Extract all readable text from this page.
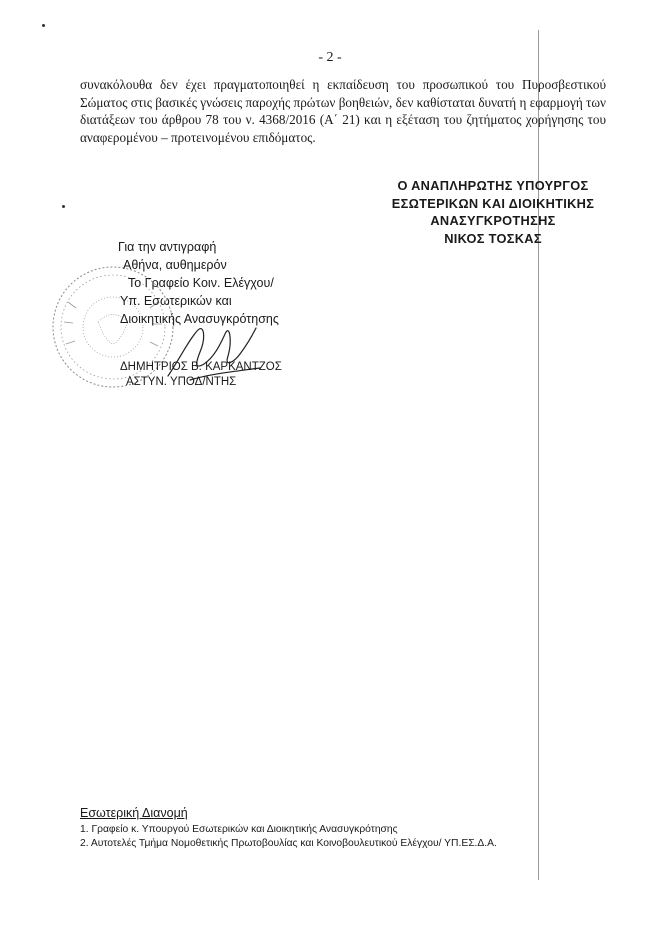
- 2 -

συνακόλουθα δεν έχει πραγματοποιηθεί η εκπαίδευση του προσωπικού του Πυροσβεστικού Σώματος στις βασικές γνώσεις παροχής πρώτων βοηθειών, δεν καθίσταται δυνατή η εφαρμογή των διατάξεων του άρθρου 78 του ν. 4368/2016 (Α΄ 21) και η εξέταση του ζητήματος χορήγησης του αναφερομένου – προτεινομένου επιδόματος.

Ο ΑΝΑΠΛΗΡΩΤΗΣ ΥΠΟΥΡΓΟΣ
ΕΣΩΤΕΡΙΚΩΝ ΚΑΙ ΔΙΟΙΚΗΤΙΚΗΣ
ΑΝΑΣΥΓΚΡΟΤΗΣΗΣ
ΝΙΚΟΣ ΤΟΣΚΑΣ
Για την αντιγραφή
Αθήνα, αυθημερόν
Το Γραφείο Κοιν. Ελέγχου/
Υπ. Εσωτερικών και
Διοικητικής Ανασυγκρότησης
ΔΗΜΗΤΡΙΟΣ Β. ΚΑΡΚΑΝΤΖΟΣ
ΑΣΤΥΝ. ΥΠΟΔ/ΝΤΗΣ
Εσωτερική Διανομή
1. Γραφείο κ. Υπουργού Εσωτερικών και Διοικητικής Ανασυγκρότησης
2. Αυτοτελές Τμήμα Νομοθετικής Πρωτοβουλίας και Κοινοβουλευτικού Ελέγχου/ ΥΠ.ΕΣ.Δ.Α.
